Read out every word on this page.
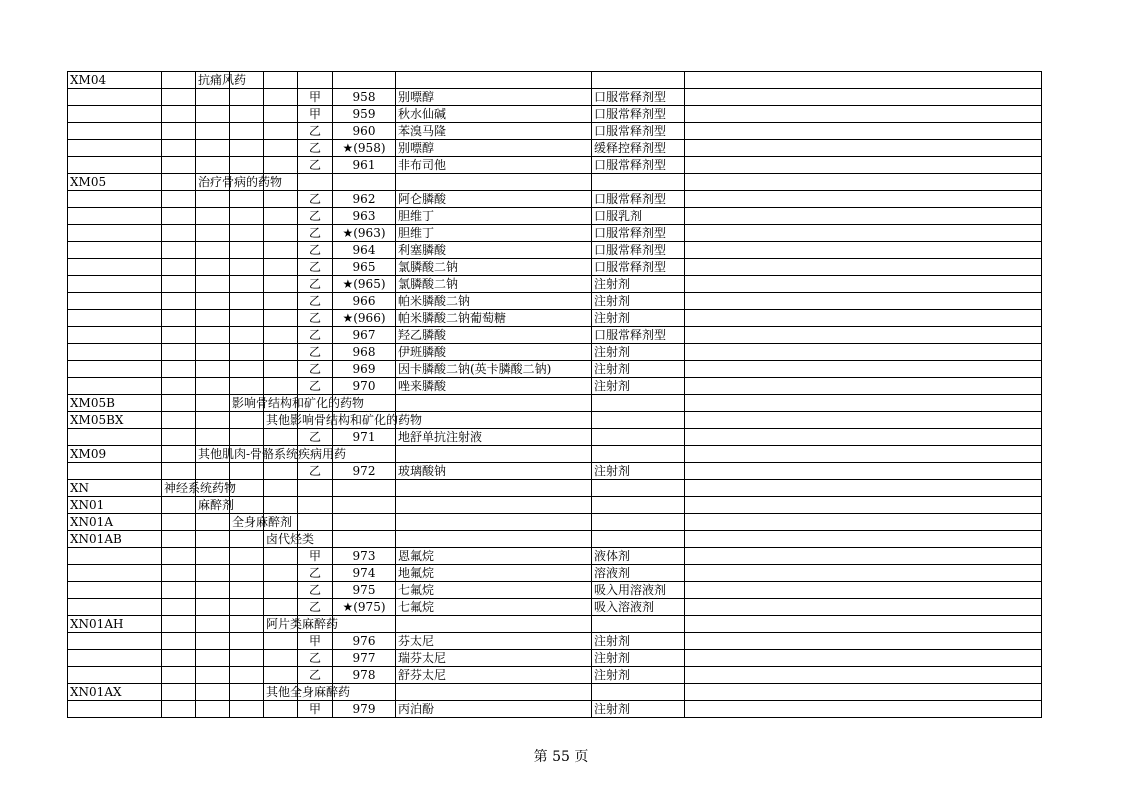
XM04		抗痛风药							
					甲	958	别嘌醇	口服常释剂型	
					甲	959	秋水仙碱	口服常释剂型	
					乙	960	苯溴马隆	口服常释剂型	
					乙	★(958)	别嘌醇	缓释控释剂型	
					乙	961	非布司他	口服常释剂型	
XM05		治疗骨病的药物							
					乙	962	阿仑膦酸	口服常释剂型	
					乙	963	胆维丁	口服乳剂	
					乙	★(963)	胆维丁	口服常释剂型	
					乙	964	利塞膦酸	口服常释剂型	
					乙	965	氯膦酸二钠	口服常释剂型	
					乙	★(965)	氯膦酸二钠	注射剂	
					乙	966	帕米膦酸二钠	注射剂	
					乙	★(966)	帕米膦酸二钠葡萄糖	注射剂	
					乙	967	羟乙膦酸	口服常释剂型	
					乙	968	伊班膦酸	注射剂	
					乙	969	因卡膦酸二钠(英卡膦酸二钠)	注射剂	
					乙	970	唑来膦酸	注射剂	
XM05B			影响骨结构和矿化的药物						
XM05BX				其他影响骨结构和矿化的药物					
					乙	971	地舒单抗注射液		
XM09		其他肌肉-骨骼系统疾病用药							
					乙	972	玻璃酸钠	注射剂	
XN	神经系统药物								
XN01		麻醉剂							
XN01A			全身麻醉剂						
XN01AB				卤代烃类					
					甲	973	恩氟烷	液体剂	
					乙	974	地氟烷	溶液剂	
					乙	975	七氟烷	吸入用溶液剂	
					乙	★(975)	七氟烷	吸入溶液剂	
XN01AH				阿片类麻醉药					
					甲	976	芬太尼	注射剂	
					乙	977	瑞芬太尼	注射剂	
					乙	978	舒芬太尼	注射剂	
XN01AX				其他全身麻醉药					
					甲	979	丙泊酚	注射剂	
第 55 页
